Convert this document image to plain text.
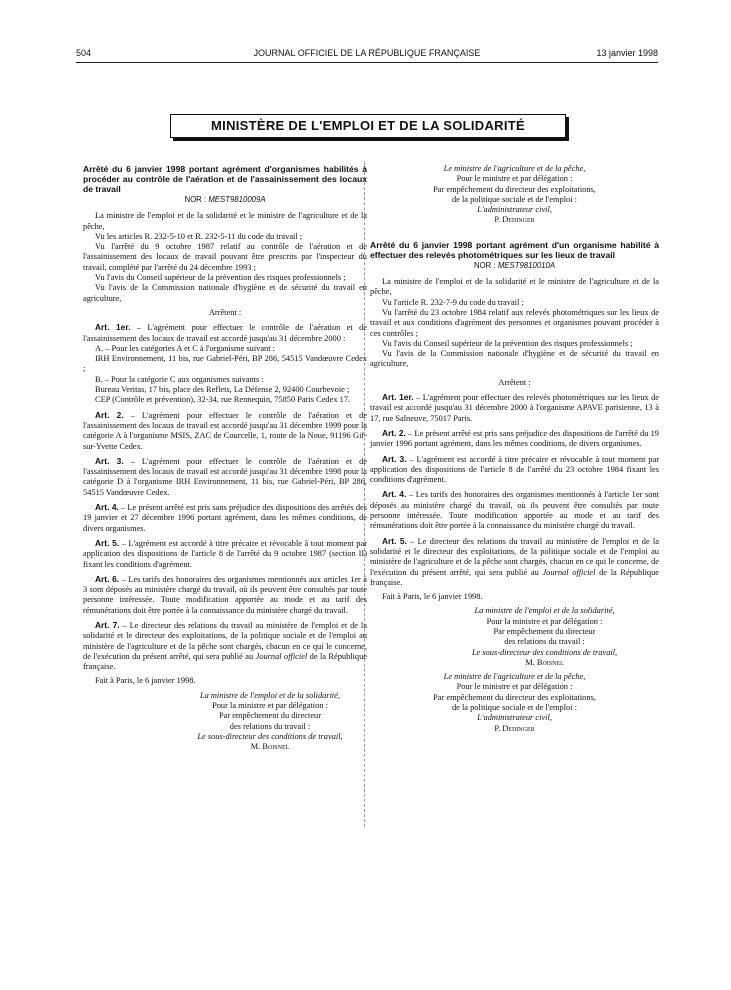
504	JOURNAL OFFICIEL DE LA RÉPUBLIQUE FRANÇAISE	13 janvier 1998
MINISTÈRE DE L'EMPLOI ET DE LA SOLIDARITÉ

Arrêté du 6 janvier 1998 portant agrément d'organismes habilités à procéder au contrôle de l'aération et de l'assainissement des locaux de travail

NOR : MEST9810009A

La ministre de l'emploi et de la solidarité et le ministre de l'agriculture et de la pêche,

Vu les articles R. 232-5-10 et R. 232-5-11 du code du travail ;

Vu l'arrêté du 9 octobre 1987 relatif au contrôle de l'aération et de l'assainissement des locaux de travail pouvant être prescrits par l'inspecteur du travail, complété par l'arrêté du 24 décembre 1993 ;

Vu l'avis du Conseil supérieur de la prévention des risques professionnels ;

Vu l'avis de la Commission nationale d'hygiène et de sécurité du travail en agriculture,

Arrêtent :

Art. 1er. – L'agrément pour effectuer le contrôle de l'aération et de l'assainissement des locaux de travail est accordé jusqu'au 31 décembre 2000 :

A. – Pour les catégories A et C à l'organisme suivant :

IRH Environnement, 11 bis, rue Gabriel-Péri, BP 286, 54515 Vandœuvre Cedex ;

B. – Pour la catégorie C aux organismes suivants :

Bureau Veritas, 17 bis, place des Reflets, La Défense 2, 92400 Courbevoie ;

CEP (Contrôle et prévention), 32-34, rue Rennequin, 75850 Paris Cedex 17.

Art. 2. – L'agrément pour effectuer le contrôle de l'aération et de l'assainissement des locaux de travail est accordé jusqu'au 31 décembre 1999 pour la catégorie A à l'organisme MSIS, ZAC de Courcelle, 1, route de la Noue, 91196 Gif-sur-Yvette Cedex.

Art. 3. – L'agrément pour effectuer le contrôle de l'aération et de l'assainissement des locaux de travail est accordé jusqu'au 31 décembre 1998 pour la catégorie D à l'organisme IRH Environnement, 11 bis, rue Gabriel-Péri, BP 286, 54515 Vandœuvre Cedex.

Art. 4. – Le présent arrêté est pris sans préjudice des dispositions des arrêtés des 19 janvier et 27 décembre 1996 portant agrément, dans les mêmes conditions, de divers organismes.

Art. 5. – L'agrément est accordé à titre précaire et révocable à tout moment par application des dispositions de l'article 8 de l'arrêté du 9 octobre 1987 (section II) fixant les conditions d'agrément.

Art. 6. – Les tarifs des honoraires des organismes mentionnés aux articles 1er à 3 sont déposés au ministère chargé du travail, où ils peuvent être consultés par toute personne intéressée. Toute modification apportée au mode et au tarif des rémunérations doit être portée à la connaissance du ministère chargé du travail.

Art. 7. – Le directeur des relations du travail au ministère de l'emploi et de la solidarité et le directeur des exploitations, de la politique sociale et de l'emploi au ministère de l'agriculture et de la pêche sont chargés, chacun en ce qui le concerne, de l'exécution du présent arrêté, qui sera publié au Journal officiel de la République française.

Fait à Paris, le 6 janvier 1998.

La ministre de l'emploi et de la solidarité,
Pour la ministre et par délégation :
Par empêchement du directeur
des relations du travail :
Le sous-directeur des conditions de travail,
M. Boisnel
Le ministre de l'agriculture et de la pêche,
Pour le ministre et par délégation :
Par empêchement du directeur des exploitations,
de la politique sociale et de l'emploi :
L'administrateur civil,
P. Dedinger

Arrêté du 6 janvier 1998 portant agrément d'un organisme habilité à effectuer des relevés photométriques sur les lieux de travail

NOR : MEST9810010A

La ministre de l'emploi et de la solidarité et le ministre de l'agriculture et de la pêche,

Vu l'article R. 232-7-9 du code du travail ;

Vu l'arrêté du 23 octobre 1984 relatif aux relevés photométriques sur les lieux de travail et aux conditions d'agrément des personnes et organismes pouvant procéder à ces contrôles ;

Vu l'avis du Conseil supérieur de la prévention des risques professionnels ;

Vu l'avis de la Commission nationale d'hygiène et de sécurité du travail en agriculture,

Arrêtent :

Art. 1er. – L'agrément pour effectuer des relevés photométriques sur les lieux de travail est accordé jusqu'au 31 décembre 2000 à l'organisme APAVE parisienne, 13 à 17, rue Salneuve, 75017 Paris.

Art. 2. – Le présent arrêté est pris sans préjudice des dispositions de l'arrêté du 19 janvier 1996 portant agrément, dans les mêmes conditions, de divers organismes.

Art. 3. – L'agrément est accordé à titre précaire et révocable à tout moment par application des dispositions de l'article 8 de l'arrêté du 23 octobre 1984 fixant les conditions d'agrément.

Art. 4. – Les tarifs des honoraires des organismes mentionnés à l'article 1er sont déposés au ministère chargé du travail, où ils peuvent être consultés par toute personne intéressée. Toute modification apportée au mode et au tarif des rémunérations doit être portée à la connaissance du ministère chargé du travail.

Art. 5. – Le directeur des relations du travail au ministère de l'emploi et de la solidarité et le directeur des exploitations, de la politique sociale et de l'emploi au ministère de l'agriculture et de la pêche sont chargés, chacun en ce qui le concerne, de l'exécution du présent arrêté, qui sera publié au Journal officiel de la République française.

Fait à Paris, le 6 janvier 1998.

La ministre de l'emploi et de la solidarité,
Pour la ministre et par délégation :
Par empêchement du directeur
des relations du travail :
Le sous-directeur des conditions de travail,
M. Boisnel
Le ministre de l'agriculture et de la pêche,
Pour le ministre et par délégation :
Par empêchement du directeur des exploitations,
de la politique sociale et de l'emploi :
L'administrateur civil,
P. Dedinger
